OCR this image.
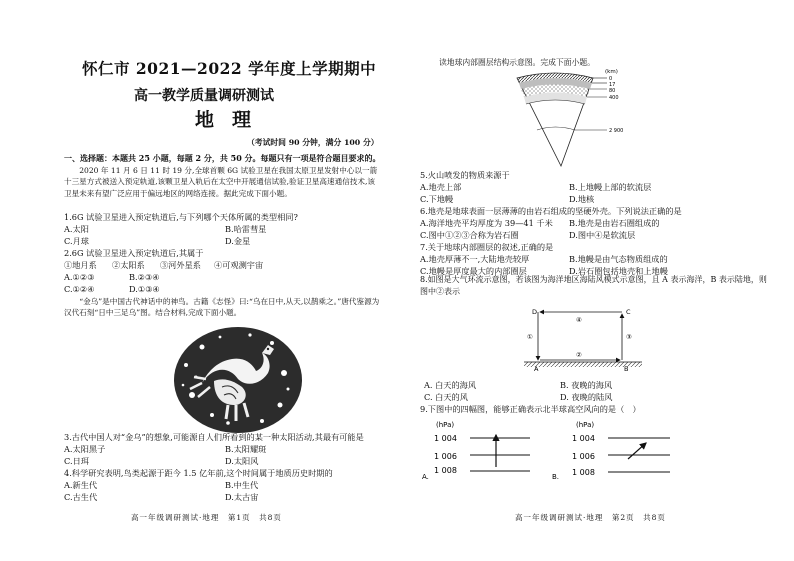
怀仁市 2021—2022 学年度上学期期中
高一教学质量调研测试
地理
（考试时间 90 分钟，满分 100 分）
一、选择题：本题共 25 小题，每题 2 分，共 50 分。每题只有一项是符合题目要求的。
2020 年 11 月 6 日 11 时 19 分,全球首颗 6G 试验卫星在我国太原卫星发射中心以一箭十三星方式被送入预定轨道,该颗卫星入轨后在太空中开展通信试验,验证卫星高速通信技术,该卫星未来有望广泛应用于偏远地区的网络连接。据此完成下面小题。
1.6G 试验卫星进入预定轨道后,与下列哪个天体所属的类型相同?
A.太阳	B.哈雷彗星
C.月球	D.金星
2.6G 试验卫星进入预定轨道后,其属于
①地月系 ②太阳系 ③河外星系 ④可观测宇宙
A.①②③	B.②③④
C.①②④	D.①③④
“金乌”是中国古代神话中的神鸟。古籍《志怪》曰:“乌在日中,从天,以鹊乘之。”唐代鉴源为汉代石刻“日中三足乌”图。结合材料,完成下面小题。
3.古代中国人对“金乌”的想象,可能源自人们所看到的某一种太阳活动,其最有可能是
A.太阳黑子	B.太阳耀斑
C.日珥	D.太阳风
4.科学研究表明,鸟类起源于距今 1.5 亿年前,这个时间属于地质历史时期的
A.新生代	B.中生代
C.古生代	D.太古宙
高一年级调研测试·地理　第1页　共8页
读地球内部圈层结构示意图。完成下面小题。
(km)
0
17
80
400
2 900
5.火山喷发的物质来源于
A.地壳上部	B.上地幔上部的软流层
C.下地幔	D.地核
6.地壳是地球表面一层薄薄的由岩石组成的坚硬外壳。下列说法正确的是
A.海洋地壳平均厚度为 39—41 千米 B.地壳是由岩石圈组成的
C.图中①②③合称为岩石圈	D.图中④是软流层
7.关于地球内部圈层的叙述,正确的是
A.地壳厚薄不一,大陆地壳较厚	B.地幔是由气态物质组成的
C.地幔是厚度最大的内部圈层	D.岩石圈包括地壳和上地幔
8.如图是大气环流示意图，若该图为海洋地区海陆风模式示意图，且 A 表示海洋，B 表示陆地，则图中②表示
D	C
A	B
①
②
③
④
A. 白天的海风	B. 夜晚的海风
C. 白天的风	D. 夜晚的陆风
9.下图中的四幅图，能够正确表示北半球高空风向的是（　）
(hPa)
1 004
1 006
1 008
A.
(hPa)
1 004
1 006
1 008
B.
高一年级调研测试·地理　第2页　共8页
